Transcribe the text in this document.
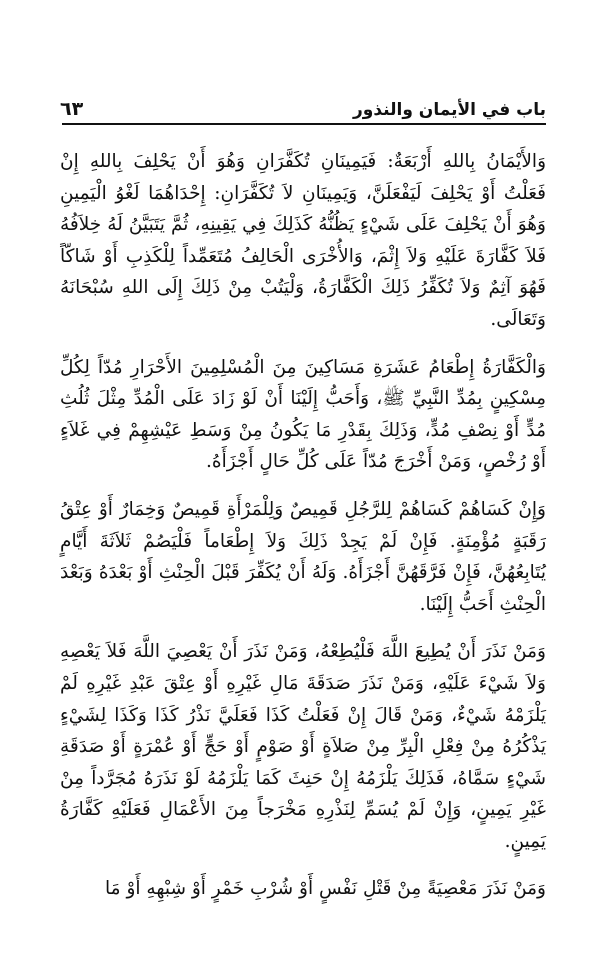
باب في الأيمان والنذور
٦٣

وَالأَيْمَانُ بِاللهِ أَرْبَعَةٌ: فَيَمِينَانِ تُكَفَّرَانِ وَهُوَ أَنْ يَحْلِفَ بِاللهِ إِنْ فَعَلْتُ أَوْ يَحْلِفَ لَيَفْعَلَنَّ، وَيَمِينَانِ لاَ تُكَفَّرَانِ: إِحْدَاهُمَا لَغْوُ الْيَمِينِ وَهُوَ أَنْ يَحْلِفَ عَلَى شَيْءٍ يَظُنُّهُ كَذَلِكَ فِي يَقِينِهِ، ثُمَّ يَتَبَيَّنُ لَهُ خِلاَفُهُ فَلاَ كَفَّارَةَ عَلَيْهِ وَلاَ إِثْمَ، وَالأُخْرَى الْحَالِفُ مُتَعَمِّداً لِلْكَذِبِ أَوْ شَاكّاً فَهُوَ آثِمٌ وَلاَ تُكَفِّرُ ذَلِكَ الْكَفَّارَةُ، وَلْيَتُبْ مِنْ ذَلِكَ إِلَى اللهِ سُبْحَانَهُ وَتَعَالَى.

وَالْكَفَّارَةُ إِطْعَامُ عَشَرَةِ مَسَاكِينَ مِنَ الْمُسْلِمِينَ الأَحْرَارِ مُدّاً لِكُلِّ مِسْكِينٍ بِمُدِّ النَّبِيِّ ﷺ، وَأَحَبُّ إِلَيْنَا أَنْ لَوْ زَادَ عَلَى الْمُدِّ مِثْلَ ثُلُثِ مُدٍّ أَوْ نِصْفِ مُدٍّ، وَذَلِكَ بِقَدْرِ مَا يَكُونُ مِنْ وَسَطِ عَيْشِهِمْ فِي غَلاَءٍ أَوْ رُخْصٍ، وَمَنْ أَخْرَجَ مُدّاً عَلَى كُلِّ حَالٍ أَجْزَأَهُ.

وَإِنْ كَسَاهُمْ كَسَاهُمْ لِلرَّجُلِ قَمِيصٌ وَلِلْمَرْأَةِ قَمِيصٌ وَخِمَارٌ أَوْ عِتْقُ رَقَبَةٍ مُؤْمِنَةٍ. فَإِنْ لَمْ يَجِدْ ذَلِكَ وَلاَ إِطْعَاماً فَلْيَصُمْ ثَلاَثَةَ أَيَّامٍ يُتَابِعُهُنَّ، فَإِنْ فَرَّقَهُنَّ أَجْزَأَهُ. وَلَهُ أَنْ يُكَفِّرَ قَبْلَ الْحِنْثِ أَوْ بَعْدَهُ وَبَعْدَ الْحِنْثِ أَحَبُّ إِلَيْنَا.

وَمَنْ نَذَرَ أَنْ يُطِيعَ اللَّهَ فَلْيُطِعْهُ، وَمَنْ نَذَرَ أَنْ يَعْصِيَ اللَّهَ فَلاَ يَعْصِهِ وَلاَ شَيْءَ عَلَيْهِ، وَمَنْ نَذَرَ صَدَقَةَ مَالِ غَيْرِهِ أَوْ عِتْقَ عَبْدِ غَيْرِهِ لَمْ يَلْزَمْهُ شَيْءٌ، وَمَنْ قَالَ إِنْ فَعَلْتُ كَذَا فَعَلَيَّ نَذْرُ كَذَا وَكَذَا لِشَيْءٍ يَذْكُرُهُ مِنْ فِعْلِ الْبِرِّ مِنْ صَلاَةٍ أَوْ صَوْمٍ أَوْ حَجٍّ أَوْ عُمْرَةٍ أَوْ صَدَقَةِ شَيْءٍ سَمَّاهُ، فَذَلِكَ يَلْزَمُهُ إِنْ حَنِثَ كَمَا يَلْزَمُهُ لَوْ نَذَرَهُ مُجَرَّداً مِنْ غَيْرِ يَمِينٍ، وَإِنْ لَمْ يُسَمِّ لِنَذْرِهِ مَخْرَجاً مِنَ الأَعْمَالِ فَعَلَيْهِ كَفَّارَةُ يَمِينٍ.

وَمَنْ نَذَرَ مَعْصِيَةً مِنْ قَتْلِ نَفْسٍ أَوْ شُرْبِ خَمْرٍ أَوْ شِبْهِهِ أَوْ مَا
